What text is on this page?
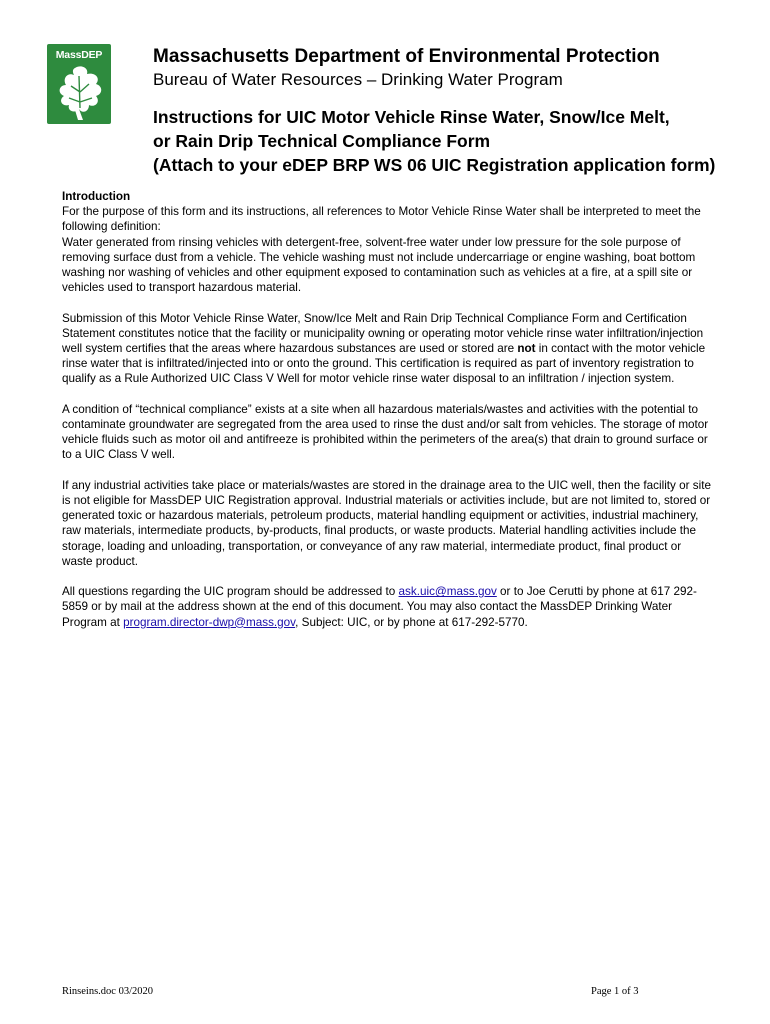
MassDEP	Massachusetts Department of Environmental Protection
Bureau of Water Resources – Drinking Water Program
Instructions for UIC Motor Vehicle Rinse Water, Snow/Ice Melt,
or Rain Drip Technical Compliance Form
(Attach to your eDEP BRP WS 06 UIC Registration application form)
Introduction

For the purpose of this form and its instructions, all references to Motor Vehicle Rinse Water shall be interpreted to meet the following definition:

Water generated from rinsing vehicles with detergent-free, solvent-free water under low pressure for the sole purpose of removing surface dust from a vehicle. The vehicle washing must not include undercarriage or engine washing, boat bottom washing nor washing of vehicles and other equipment exposed to contamination such as vehicles at a fire, at a spill site or vehicles used to transport hazardous material.

Submission of this Motor Vehicle Rinse Water, Snow/Ice Melt and Rain Drip Technical Compliance Form and Certification Statement constitutes notice that the facility or municipality owning or operating motor vehicle rinse water infiltration/injection well system certifies that the areas where hazardous substances are used or stored are not in contact with the motor vehicle rinse water that is infiltrated/injected into or onto the ground. This certification is required as part of inventory registration to qualify as a Rule Authorized UIC Class V Well for motor vehicle rinse water disposal to an infiltration / injection system.

A condition of “technical compliance” exists at a site when all hazardous materials/wastes and activities with the potential to contaminate groundwater are segregated from the area used to rinse the dust and/or salt from vehicles. The storage of motor vehicle fluids such as motor oil and antifreeze is prohibited within the perimeters of the area(s) that drain to ground surface or to a UIC Class V well.

If any industrial activities take place or materials/wastes are stored in the drainage area to the UIC well, then the facility or site is not eligible for MassDEP UIC Registration approval. Industrial materials or activities include, but are not limited to, stored or generated toxic or hazardous materials, petroleum products, material handling equipment or activities, industrial machinery, raw materials, intermediate products, by-products, final products, or waste products. Material handling activities include the storage, loading and unloading, transportation, or conveyance of any raw material, intermediate product, final product or waste product.

All questions regarding the UIC program should be addressed to ask.uic@mass.gov or to Joe Cerutti by phone at 617 292-5859 or by mail at the address shown at the end of this document. You may also contact the MassDEP Drinking Water Program at program.director-dwp@mass.gov, Subject: UIC, or by phone at 617-292-5770.

Rinseins.doc 03/2020	Page 1 of 3
